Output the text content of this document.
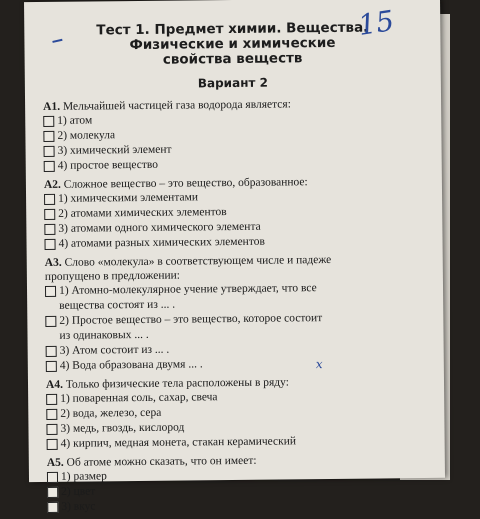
Тест 1. Предмет химии. Вещества.
Физические и химические
свойства веществ
15
Вариант 2
х
А1. Мельчайшей частицей газа водорода является:
1) атом
2) молекула
3) химический элемент
4) простое вещество
А2. Сложное вещество – это вещество, образованное:
1) химическими элементами
2) атомами химических элементов
3) атомами одного химического элемента
4) атомами разных химических элементов
А3. Слово «молекула» в соответствующем числе и падеже
пропущено в предложении:
1) Атомно-молекулярное учение утверждает, что все
вещества состоят из ... .
2) Простое вещество – это вещество, которое состоит
из одинаковых ... .
3) Атом состоит из ... .
4) Вода образована двумя ... .
А4. Только физические тела расположены в ряду:
1) поваренная соль, сахар, свеча
2) вода, железо, сера
3) медь, гвоздь, кислород
4) кирпич, медная монета, стакан керамический
А5. Об атоме можно сказать, что он имеет:
1) размер
2) цвет
3) вкус
